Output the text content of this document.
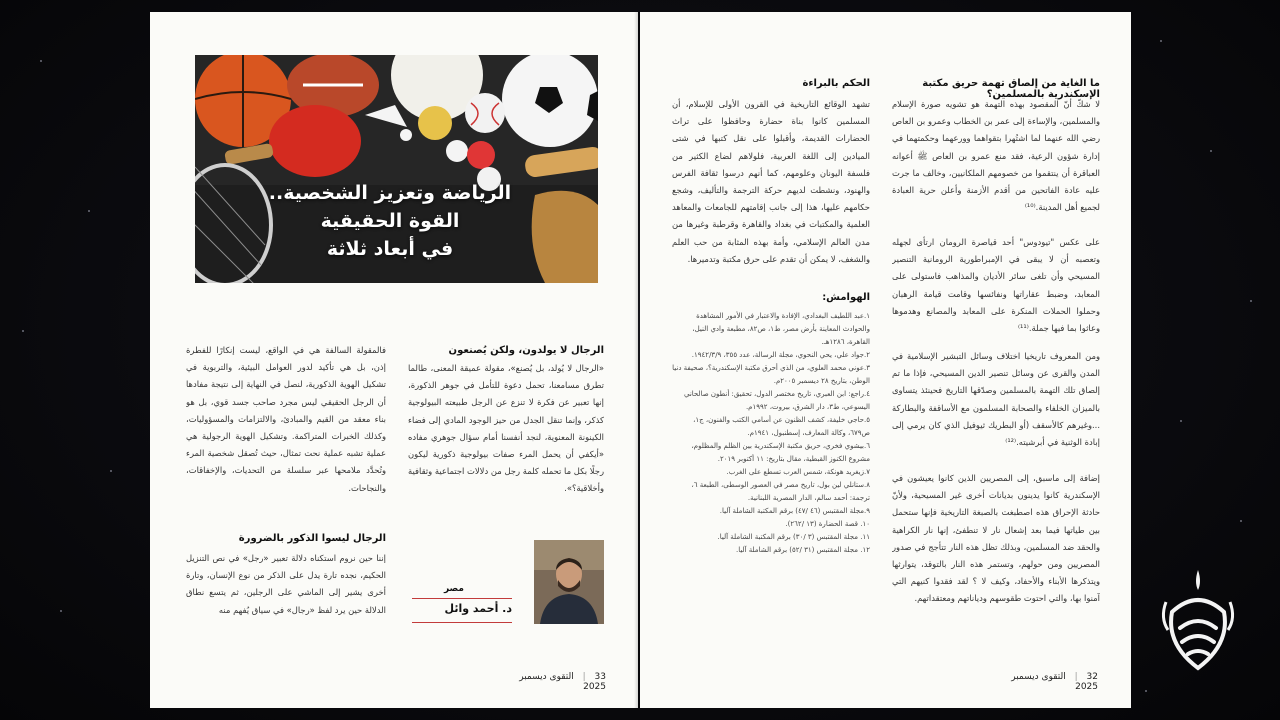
الرياضة وتعزيز الشخصية..
القوة الحقيقية
في أبعاد ثلاثة
الرجال لا يولدون، ولكن يُصنعون
«الرجال لا يُولد، بل يُصنع»، مقولة عميقة المعنى، طالما تطرق مسامعنا، تحمل دعوة للتأمل في جوهر الذكورة، إنها تعبير عن فكرة لا تنزع عن الرجل طبيعته البيولوجية كذكر، وإنما تنقل الجدل من حيز الوجود المادي إلى فضاء الكينونة المعنوية، لنجد أنفسنا أمام سؤال جوهري مفاده «أيكفي أن يحمل المرء صفات بيولوجية ذكورية ليكون رجلًا بكل ما تحمله كلمة رجل من دلالات اجتماعية وثقافية وأخلاقية؟».
فالمقولة السالفة هي في الواقع، ليست إنكارًا للفطرة إذن، بل هي تأكيد لدور العوامل البيئية، والتربوية في تشكيل الهوية الذكورية، لنصل في النهاية إلى نتيجة مفادها أن الرجل الحقيقي ليس مجرد صاحب جسد قوي، بل هو بناء معقد من القيم والمبادئ، والالتزامات والمسؤوليات، وكذلك الخبرات المتراكمة. وتشكيل الهوية الرجولية هي عملية تشبه عملية نحت تمثال، حيث تُصقل شخصية المرء وتُحدَّد ملامحها عبر سلسلة من التحديات، والإخفاقات، والنجاحات.
الرجال ليسوا الذكور بالضرورة
إننا حين نروم استكناه دلالة تعبير «رجل» في نص التنزيل الحكيم، نجده تارة يدل على الذكر من نوع الإنسان، وتارة أخرى يشير إلى الماشي على الرجلين، ثم يتسع نطاق الدلالة حين يرد لفظ «رجال» في سياق يُفهم منه
مصر
د. أحمد وائل
33 | التقوى ديسمبر 2025
ما الغاية من إلصاق تهمة حريق مكتبة الإسكندرية بالمسلمين؟
لا شكّ أنّ المقصود بهذه التهمة هو تشويه صورة الإسلام والمسلمين، والإساءة إلى عمر بن الخطاب وعمرو بن العاص رضي الله عنهما لما اشتُهرا بتقواهما وورعهما وحكمتهما في إدارة شؤون الرعية، فقد منع عمرو بن العاص ﷺ أعوانه العباقرة أن ينتقموا من خصومهم الملكانيين، وخالف ما جرت عليه عادة الفاتحين من أقدم الأزمنة وأعلن حرية العبادة لجميع أهل المدينة.⁽¹⁰⁾
على عكس "تيودوس" أحد قياصرة الرومان ارتأى لجهله وتعصبه أن لا يبقى في الإمبراطورية الرومانية التنصير المسيحي وأن تلغى سائر الأديان والمذاهب فاستولى على المعابد، وضبط عقاراتها ونفائسها وقامت قيامة الرهبان وحملوا الحملات المنكرة على المعابد والمصانع وهدموها وعاثوا بما فيها جملة.⁽¹¹⁾
ومن المعروف تاريخيا اختلاف وسائل التبشير الإسلامية في المدن والقرى عن وسائل تنصير الدين المسيحي، فإذا ما تم إلصاق تلك التهمة بالمسلمين وصدّقها التاريخ فحينئذ يتساوى بالميزان الخلفاء والصحابة المسلمون مع الأساقفة والبطاركة ...وغيرهم كالأسقف (أو البطريك ثيوفيل الذي كان يرمي إلى إبادة الوثنية في أبرشيته.⁽¹²⁾
إضافة إلى ماسبق، إلى المصريين الذين كانوا يعيشون في الإسكندرية كانوا يدينون بديانات أخرى غير المسيحية، ولأنّ حادثة الإحراق هذه اصطبغت بالصبغة التاريخية فإنها ستحمل بين طياتها فيما بعد إشعال نار لا تنطفئ، إنها نار الكراهية والحقد ضد المسلمين، وبذلك تظل هذه النار تتأجج في صدور المصريين ومن حولهم، وتستمر هذه النار بالتوقد، يتوارثها ويتذكرها الأبناء والأحفاد، وكيف لا ؟ لقد فقدوا كنيهم التي آمنوا بها، والتي احتوت طقوسهم ودياناتهم ومعتقداتهم.
الحكم بالبراءة
تشهد الوقائع التاريخية في القرون الأولى للإسلام، أن المسلمين كانوا بناة حضارة وحافظوا على تراث الحضارات القديمة، وأقبلوا على نقل كتبها في شتى الميادين إلى اللغة العربية، فلولاهم لضاع الكثير من فلسفة اليونان وعلومهم، كما أنهم درسوا ثقافة الفرس والهنود، ونشطت لديهم حركة الترجمة والتأليف، وشجع حكامهم عليها، هذا إلى جانب إقامتهم للجامعات والمعاهد العلمية والمكتبات في بغداد والقاهرة وقرطبة وغيرها من مدن العالم الإسلامي، وأمة بهذه المثابة من حب العلم والشغف، لا يمكن أن تقدم على حرق مكتبة وتدميرها.
الهوامش:
١.عبد اللطيف البغدادي، الإفادة والاعتبار في الأمور المشاهدة والحوادث المعاينة بأرض مصر، ط١، ص٨٢، مطبعة وادي النيل، القاهرة، ١٢٨٦هـ.
٢.جواد علي، يحي النحوي، مجلة الرسالة، عدد ٣٥٥، ١٩٤٢/٣/٩.
٣.عوني محمد العلوي، من الذي أحرق مكتبة الإسكندرية؟، صحيفة دنيا الوطن، بتاريخ ٢٨ ديسمبر ٢٠٠٥م.
٤.راجع: ابن العبري، تاريخ مختصر الدول، تحقيق: أنطون صالحاني اليسوعي، ط٣، دار الشرق، بيروت، ١٩٩٢م.
٥.حاجي خليفة، كشف الظنون عن أسامي الكتب والفنون، ج١، ص٦٧٩، وكالة المعارف، إسطنبول، ١٩٤١م.
٦.بيشوي فخري، حريق مكتبة الإسكندرية بين الظلم والمظلوم، مشروع الكنوز القبطية، مقال بتاريخ: ١١ أكتوبر ٢٠١٩.
٧.زيغريد هونكة، شمس العرب تسطع على الغرب.
٨.ستانلي لين بول، تاريخ مصر في العصور الوسطى، الطبعة ٦، ترجمة: أحمد سالم، الدار المصرية اللبنانية.
٩.مجلة المقتبس (٤٦ /٤٧) برقم المكتبة الشاملة آليا.
١٠. قصة الحضارة (١٣ /٢٦٢).
١١. مجلة المقتبس (٣ /٣٠) برقم المكتبة الشاملة آليا.
١٢. مجلة المقتبس (٣١ /٥٢) برقم الشاملة آليا.
32 | التقوى ديسمبر 2025
